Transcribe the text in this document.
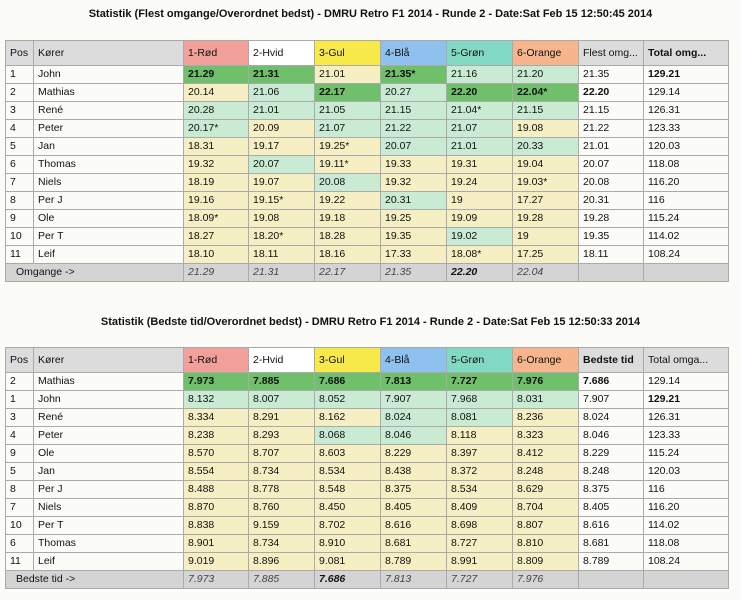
Statistik (Flest omgange/Overordnet bedst) - DMRU Retro F1 2014 - Runde 2 - Date:Sat Feb 15 12:50:45 2014
Pos	Kører	1-Rød	2-Hvid	3-Gul	4-Blå	5-Grøn	6-Orange	Flest omg...	Total omg...
1	John	21.29	21.31	21.01	21.35*	21.16	21.20	21.35	129.21
2	Mathias	20.14	21.06	22.17	20.27	22.20	22.04*	22.20	129.14
3	René	20.28	21.01	21.05	21.15	21.04*	21.15	21.15	126.31
4	Peter	20.17*	20.09	21.07	21.22	21.07	19.08	21.22	123.33
5	Jan	18.31	19.17	19.25*	20.07	21.01	20.33	21.01	120.03
6	Thomas	19.32	20.07	19.11*	19.33	19.31	19.04	20.07	118.08
7	Niels	18.19	19.07	20.08	19.32	19.24	19.03*	20.08	116.20
8	Per J	19.16	19.15*	19.22	20.31	19	17.27	20.31	116
9	Ole	18.09*	19.08	19.18	19.25	19.09	19.28	19.28	115.24
10	Per T	18.27	18.20*	18.28	19.35	19.02	19	19.35	114.02
11	Leif	18.10	18.11	18.16	17.33	18.08*	17.25	18.11	108.24
Omgange ->		21.29	21.31	22.17	21.35	22.20	22.04		
Statistik (Bedste tid/Overordnet bedst) - DMRU Retro F1 2014 - Runde 2 - Date:Sat Feb 15 12:50:33 2014
Pos	Kører	1-Rød	2-Hvid	3-Gul	4-Blå	5-Grøn	6-Orange	Bedste tid	Total omga...
2	Mathias	7.973	7.885	7.686	7.813	7.727	7.976	7.686	129.14
1	John	8.132	8.007	8.052	7.907	7.968	8.031	7.907	129.21
3	René	8.334	8.291	8.162	8.024	8.081	8.236	8.024	126.31
4	Peter	8.238	8.293	8.068	8.046	8.118	8.323	8.046	123.33
9	Ole	8.570	8.707	8.603	8.229	8.397	8.412	8.229	115.24
5	Jan	8.554	8.734	8.534	8.438	8.372	8.248	8.248	120.03
8	Per J	8.488	8.778	8.548	8.375	8.534	8.629	8.375	116
7	Niels	8.870	8.760	8.450	8.405	8.409	8.704	8.405	116.20
10	Per T	8.838	9.159	8.702	8.616	8.698	8.807	8.616	114.02
6	Thomas	8.901	8.734	8.910	8.681	8.727	8.810	8.681	118.08
11	Leif	9.019	8.896	9.081	8.789	8.991	8.809	8.789	108.24
Bedste tid ->		7.973	7.885	7.686	7.813	7.727	7.976		
